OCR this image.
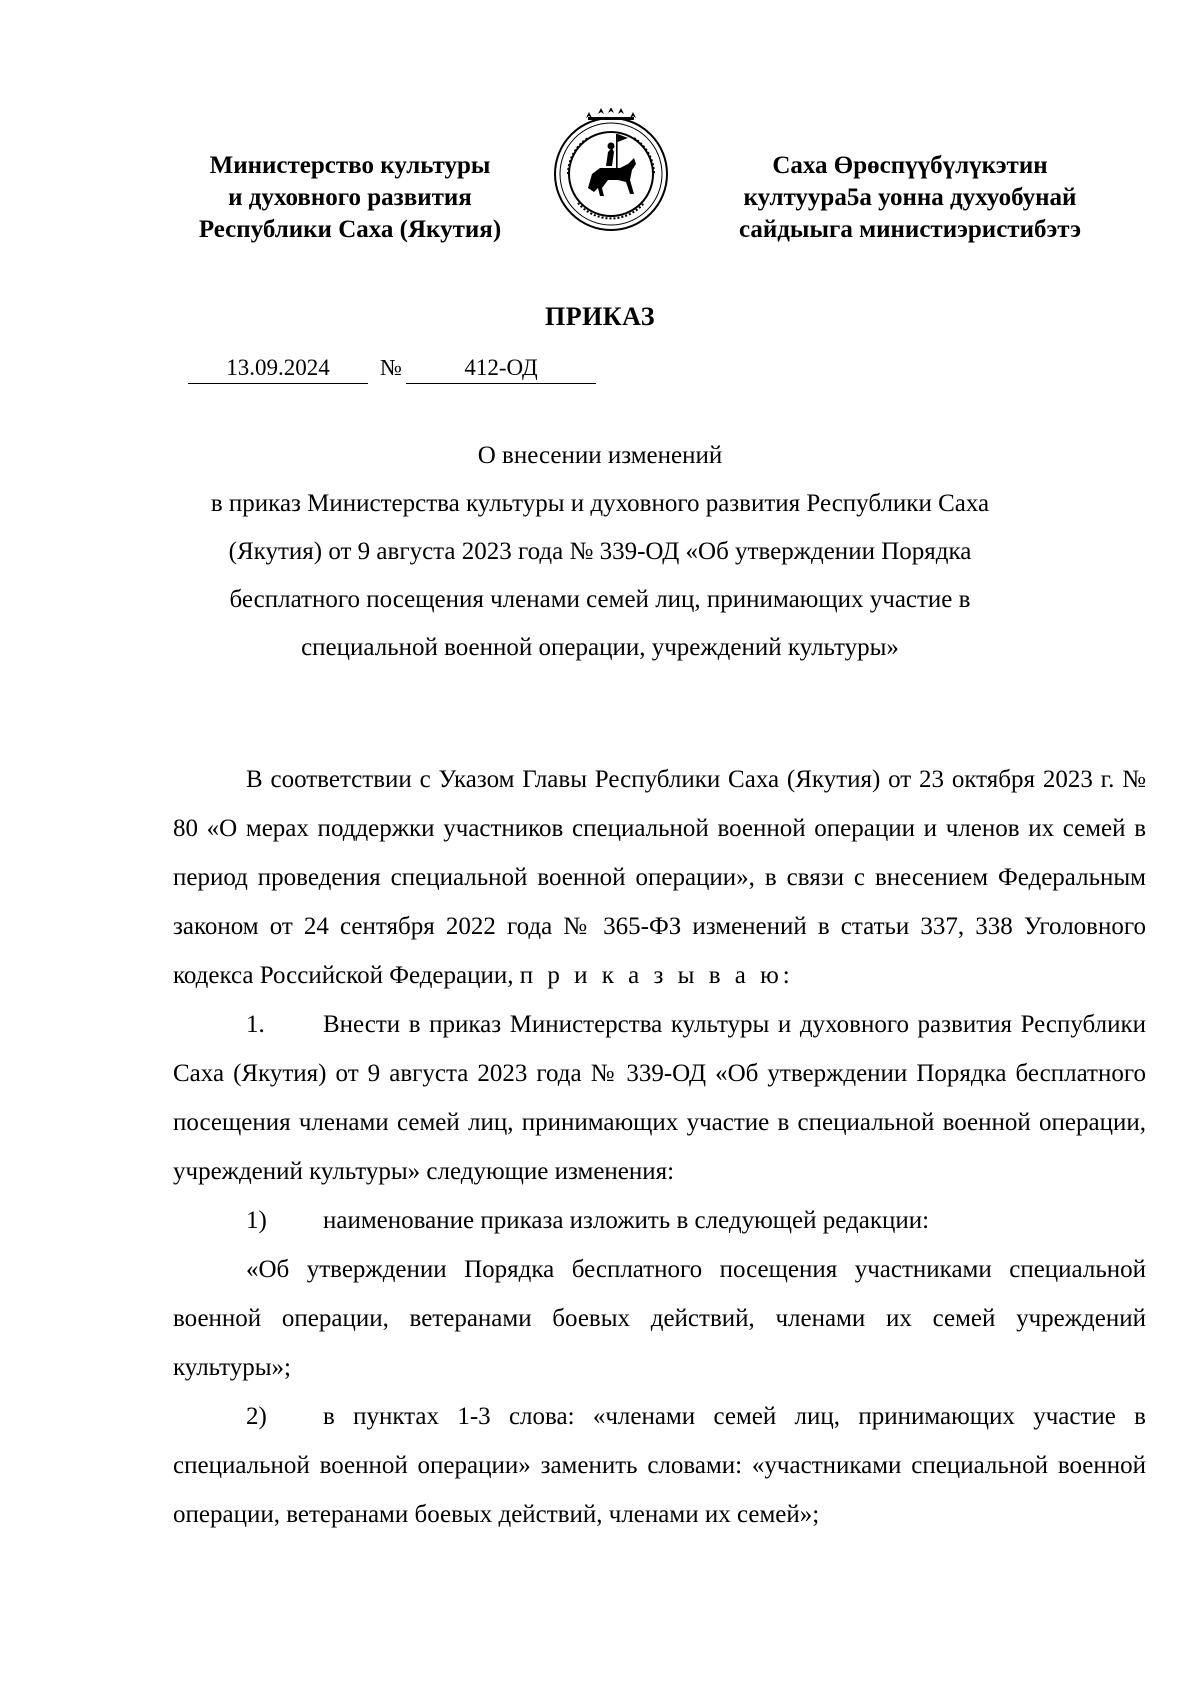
Министерство культуры
и духовного развития
Республики Саха (Якутия)
Саха Өрөспүүбүлүкэтин
култуура5а уонна духуобунай
сайдыыга министиэристибэтэ
ПРИКАЗ
13.09.2024	№	412-ОД
О внесении изменений
в приказ Министерства культуры и духовного развития Республики Саха
(Якутия) от 9 августа 2023 года № 339-ОД «Об утверждении Порядка
бесплатного посещения членами семей лиц, принимающих участие в
специальной военной операции, учреждений культуры»

В соответствии с Указом Главы Республики Саха (Якутия) от 23 октября 2023 г. № 80 «О мерах поддержки участников специальной военной операции и членов их семей в период проведения специальной военной операции», в связи с внесением Федеральным законом от 24 сентября 2022 года № 365-ФЗ изменений в статьи 337, 338 Уголовного кодекса Российской Федерации, п р и к а з ы в а ю:

1. Внести в приказ Министерства культуры и духовного развития Республики Саха (Якутия) от 9 августа 2023 года № 339-ОД «Об утверждении Порядка бесплатного посещения членами семей лиц, принимающих участие в специальной военной операции, учреждений культуры» следующие изменения:

1) наименование приказа изложить в следующей редакции:

«Об утверждении Порядка бесплатного посещения участниками специальной военной операции, ветеранами боевых действий, членами их семей учреждений культуры»;

2) в пунктах 1-3 слова: «членами семей лиц, принимающих участие в специальной военной операции» заменить словами: «участниками специальной военной операции, ветеранами боевых действий, членами их семей»;
